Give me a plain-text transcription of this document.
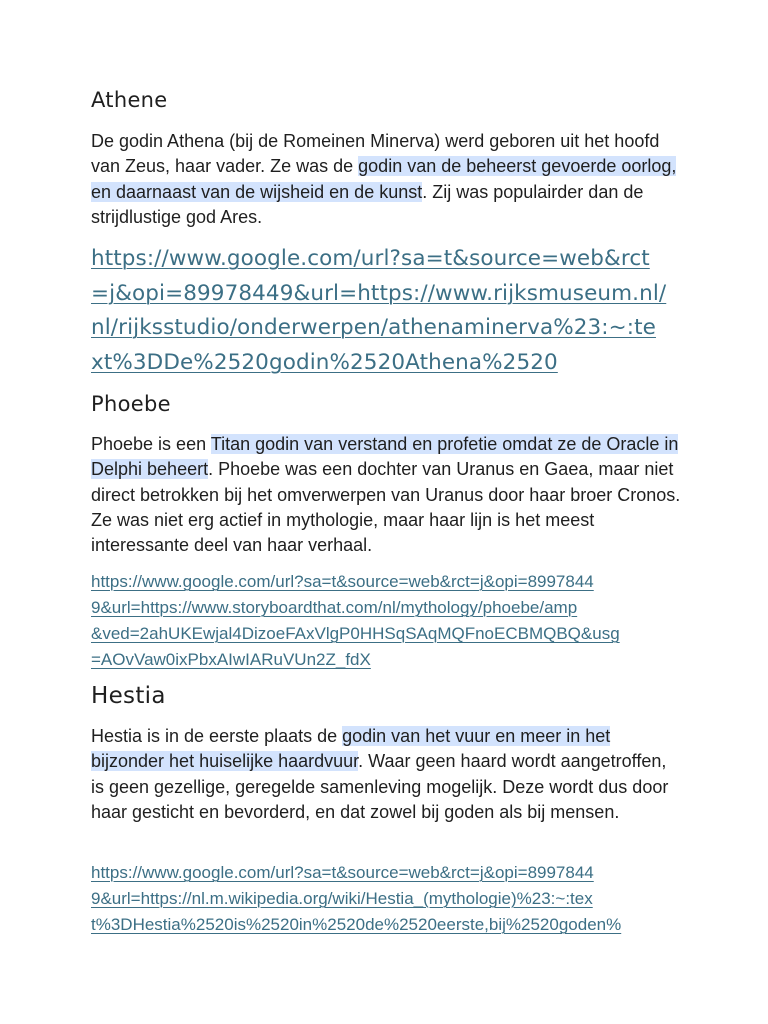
Athene

De godin Athena (bij de Romeinen Minerva) werd geboren uit het hoofd van Zeus, haar vader. Ze was de godin van de beheerst gevoerde oorlog, en daarnaast van de wijsheid en de kunst. Zij was populairder dan de strijdlustige god Ares.

https://www.google.com/url?sa=t&source=web&rct
=j&opi=89978449&url=https://www.rijksmuseum.nl/
nl/rijksstudio/onderwerpen/athenaminerva%23:~:te
xt%3DDe%2520godin%2520Athena%2520
Phoebe

Phoebe is een Titan godin van verstand en profetie omdat ze de Oracle in Delphi beheert. Phoebe was een dochter van Uranus en Gaea, maar niet direct betrokken bij het omverwerpen van Uranus door haar broer Cronos. Ze was niet erg actief in mythologie, maar haar lijn is het meest interessante deel van haar verhaal.

https://www.google.com/url?sa=t&source=web&rct=j&opi=8997844
9&url=https://www.storyboardthat.com/nl/mythology/phoebe/amp
&ved=2ahUKEwjal4DizoeFAxVlgP0HHSqSAqMQFnoECBMQBQ&usg
=AOvVaw0ixPbxAIwIARuVUn2Z_fdX
Hestia

Hestia is in de eerste plaats de godin van het vuur en meer in het bijzonder het huiselijke haardvuur. Waar geen haard wordt aangetroffen, is geen gezellige, geregelde samenleving mogelijk. Deze wordt dus door haar gesticht en bevorderd, en dat zowel bij goden als bij mensen.

https://www.google.com/url?sa=t&source=web&rct=j&opi=8997844
9&url=https://nl.m.wikipedia.org/wiki/Hestia_(mythologie)%23:~:tex
t%3DHestia%2520is%2520in%2520de%2520eerste,bij%2520goden%
